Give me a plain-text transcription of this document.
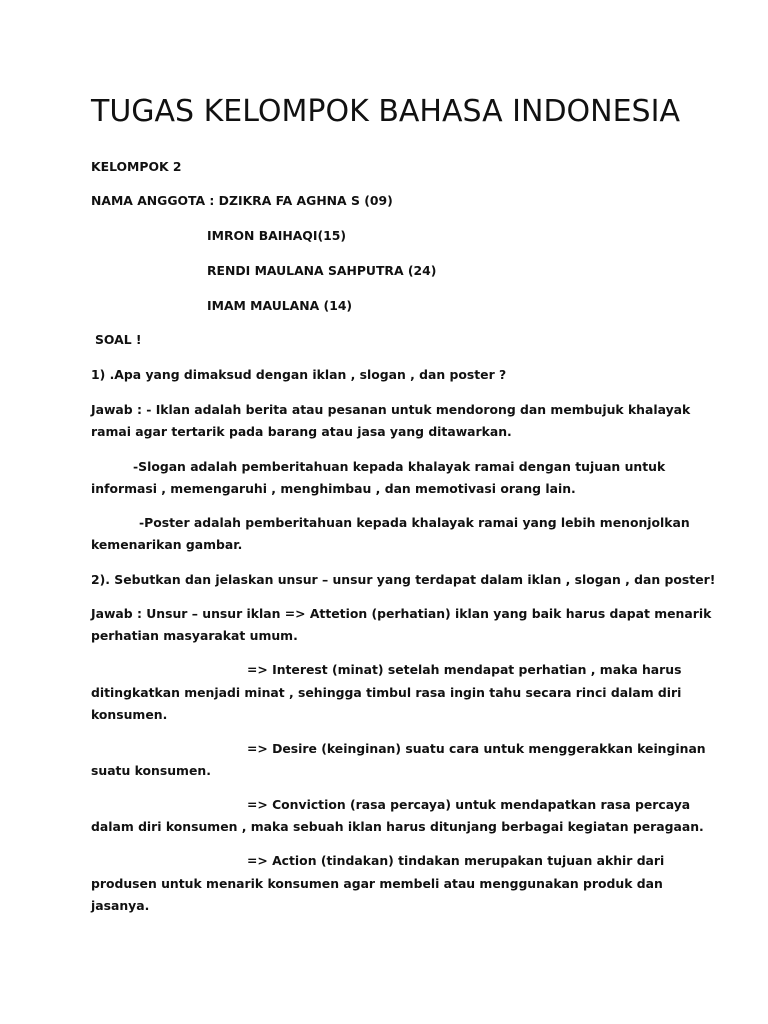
TUGAS KELOMPOK BAHASA INDONESIA
KELOMPOK 2
NAMA ANGGOTA : DZIKRA FA AGHNA S (09)
IMRON BAIHAQI(15)
RENDI MAULANA SAHPUTRA (24)
IMAM MAULANA (14)
SOAL !
1) .Apa yang dimaksud dengan iklan , slogan , dan poster ?
Jawab : - Iklan adalah berita atau pesanan untuk mendorong dan membujuk khalayak
ramai agar tertarik pada barang atau jasa yang ditawarkan.
-Slogan adalah pemberitahuan kepada khalayak ramai dengan tujuan untuk
informasi , memengaruhi , menghimbau , dan memotivasi orang lain.
-Poster adalah pemberitahuan kepada khalayak ramai yang lebih menonjolkan
kemenarikan gambar.
2). Sebutkan dan jelaskan unsur – unsur yang terdapat dalam iklan , slogan , dan poster!
Jawab : Unsur – unsur iklan => Attetion (perhatian) iklan yang baik harus dapat menarik
perhatian masyarakat umum.
=> Interest (minat) setelah mendapat perhatian , maka harus
ditingkatkan menjadi minat , sehingga timbul rasa ingin tahu secara rinci dalam diri
konsumen.
=> Desire (keinginan) suatu cara untuk menggerakkan keinginan
suatu konsumen.
=> Conviction (rasa percaya) untuk mendapatkan rasa percaya
dalam diri konsumen , maka sebuah iklan harus ditunjang berbagai kegiatan peragaan.
=> Action (tindakan) tindakan merupakan tujuan akhir dari
produsen untuk menarik konsumen agar membeli atau menggunakan produk dan
jasanya.
